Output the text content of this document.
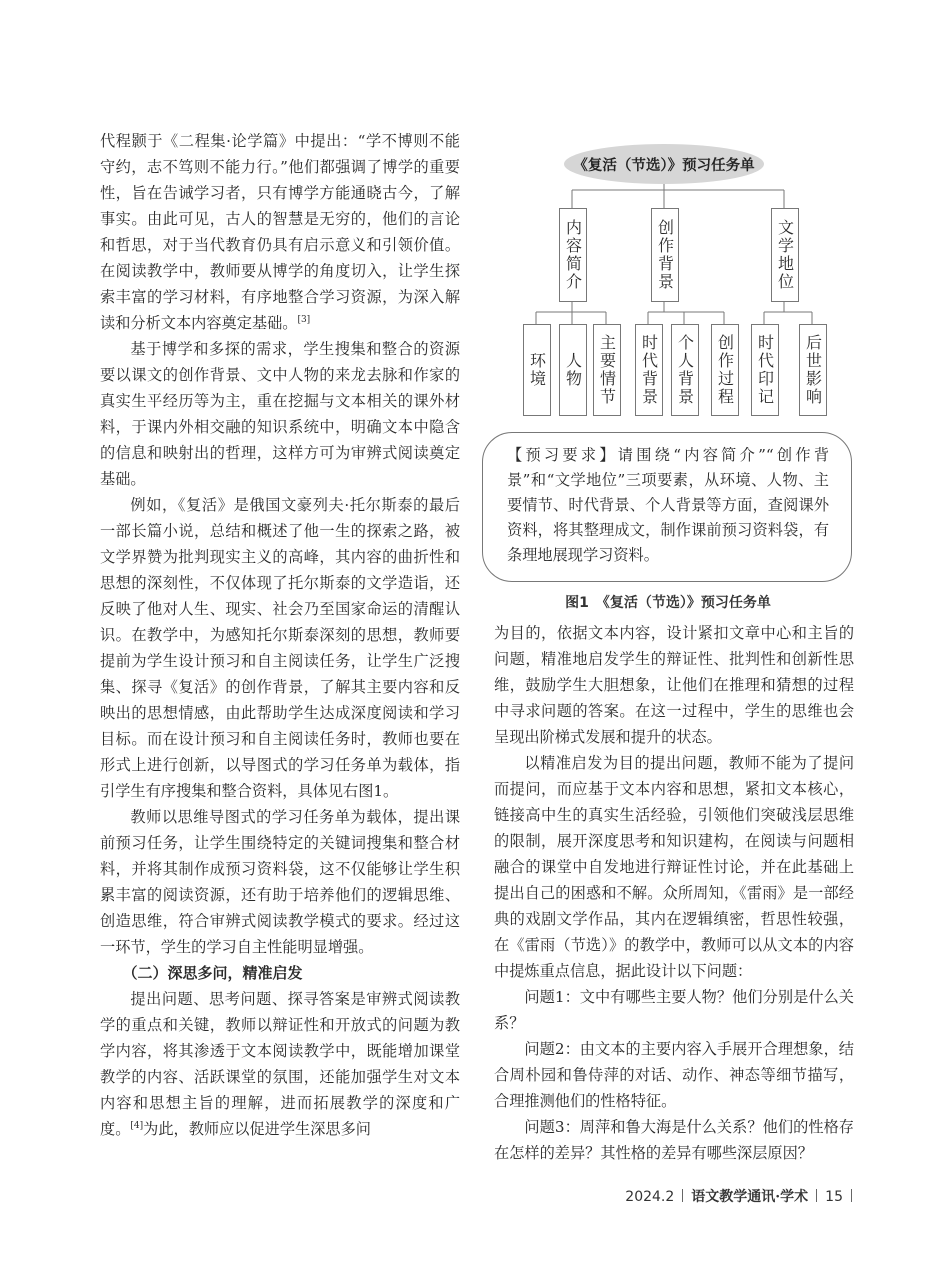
代程颢于《二程集·论学篇》中提出：“学不博则不能守约，志不笃则不能力行。”他们都强调了博学的重要性，旨在告诫学习者，只有博学方能通晓古今，了解事实。由此可见，古人的智慧是无穷的，他们的言论和哲思，对于当代教育仍具有启示意义和引领价值。在阅读教学中，教师要从博学的角度切入，让学生探索丰富的学习材料，有序地整合学习资源，为深入解读和分析文本内容奠定基础。[3]

基于博学和多探的需求，学生搜集和整合的资源要以课文的创作背景、文中人物的来龙去脉和作家的真实生平经历等为主，重在挖掘与文本相关的课外材料，于课内外相交融的知识系统中，明确文本中隐含的信息和映射出的哲理，这样方可为审辨式阅读奠定基础。

例如，《复活》是俄国文豪列夫·托尔斯泰的最后一部长篇小说，总结和概述了他一生的探索之路，被文学界赞为批判现实主义的高峰，其内容的曲折性和思想的深刻性，不仅体现了托尔斯泰的文学造诣，还反映了他对人生、现实、社会乃至国家命运的清醒认识。在教学中，为感知托尔斯泰深刻的思想，教师要提前为学生设计预习和自主阅读任务，让学生广泛搜集、探寻《复活》的创作背景，了解其主要内容和反映出的思想情感，由此帮助学生达成深度阅读和学习目标。而在设计预习和自主阅读任务时，教师也要在形式上进行创新，以导图式的学习任务单为载体，指引学生有序搜集和整合资料，具体见右图1。

教师以思维导图式的学习任务单为载体，提出课前预习任务，让学生围绕特定的关键词搜集和整合材料，并将其制作成预习资料袋，这不仅能够让学生积累丰富的阅读资源，还有助于培养他们的逻辑思维、创造思维，符合审辨式阅读教学模式的要求。经过这一环节，学生的学习自主性能明显增强。

（二）深思多问，精准启发

提出问题、思考问题、探寻答案是审辨式阅读教学的重点和关键，教师以辩证性和开放式的问题为教学内容，将其渗透于文本阅读教学中，既能增加课堂教学的内容、活跃课堂的氛围，还能加强学生对文本内容和思想主旨的理解，进而拓展教学的深度和广度。[4]为此，教师应以促进学生深思多问

《复活（节选）》预习任务单
内容简介	创作背景	文学地位
环境 人物 主要情节 时代背景 个人背景 创作过程 时代印记 后世影响
【预习要求】请围绕“内容简介”“创作背景”和“文学地位”三项要素，从环境、人物、主要情节、时代背景、个人背景等方面，查阅课外资料，将其整理成文，制作课前预习资料袋，有条理地展现学习资料。
图1　《复活（节选）》预习任务单

为目的，依据文本内容，设计紧扣文章中心和主旨的问题，精准地启发学生的辩证性、批判性和创新性思维，鼓励学生大胆想象，让他们在推理和猜想的过程中寻求问题的答案。在这一过程中，学生的思维也会呈现出阶梯式发展和提升的状态。

以精准启发为目的提出问题，教师不能为了提问而提问，而应基于文本内容和思想，紧扣文本核心，链接高中生的真实生活经验，引领他们突破浅层思维的限制，展开深度思考和知识建构，在阅读与问题相融合的课堂中自发地进行辩证性讨论，并在此基础上提出自己的困惑和不解。众所周知，《雷雨》是一部经典的戏剧文学作品，其内在逻辑缜密，哲思性较强，在《雷雨（节选）》的教学中，教师可以从文本的内容中提炼重点信息，据此设计以下问题：

问题1：文中有哪些主要人物？他们分别是什么关系？

问题2：由文本的主要内容入手展开合理想象，结合周朴园和鲁侍萍的对话、动作、神态等细节描写，合理推测他们的性格特征。

问题3：周萍和鲁大海是什么关系？他们的性格存在怎样的差异？其性格的差异有哪些深层原因？

2024.2 语文教学通讯·学术 15
